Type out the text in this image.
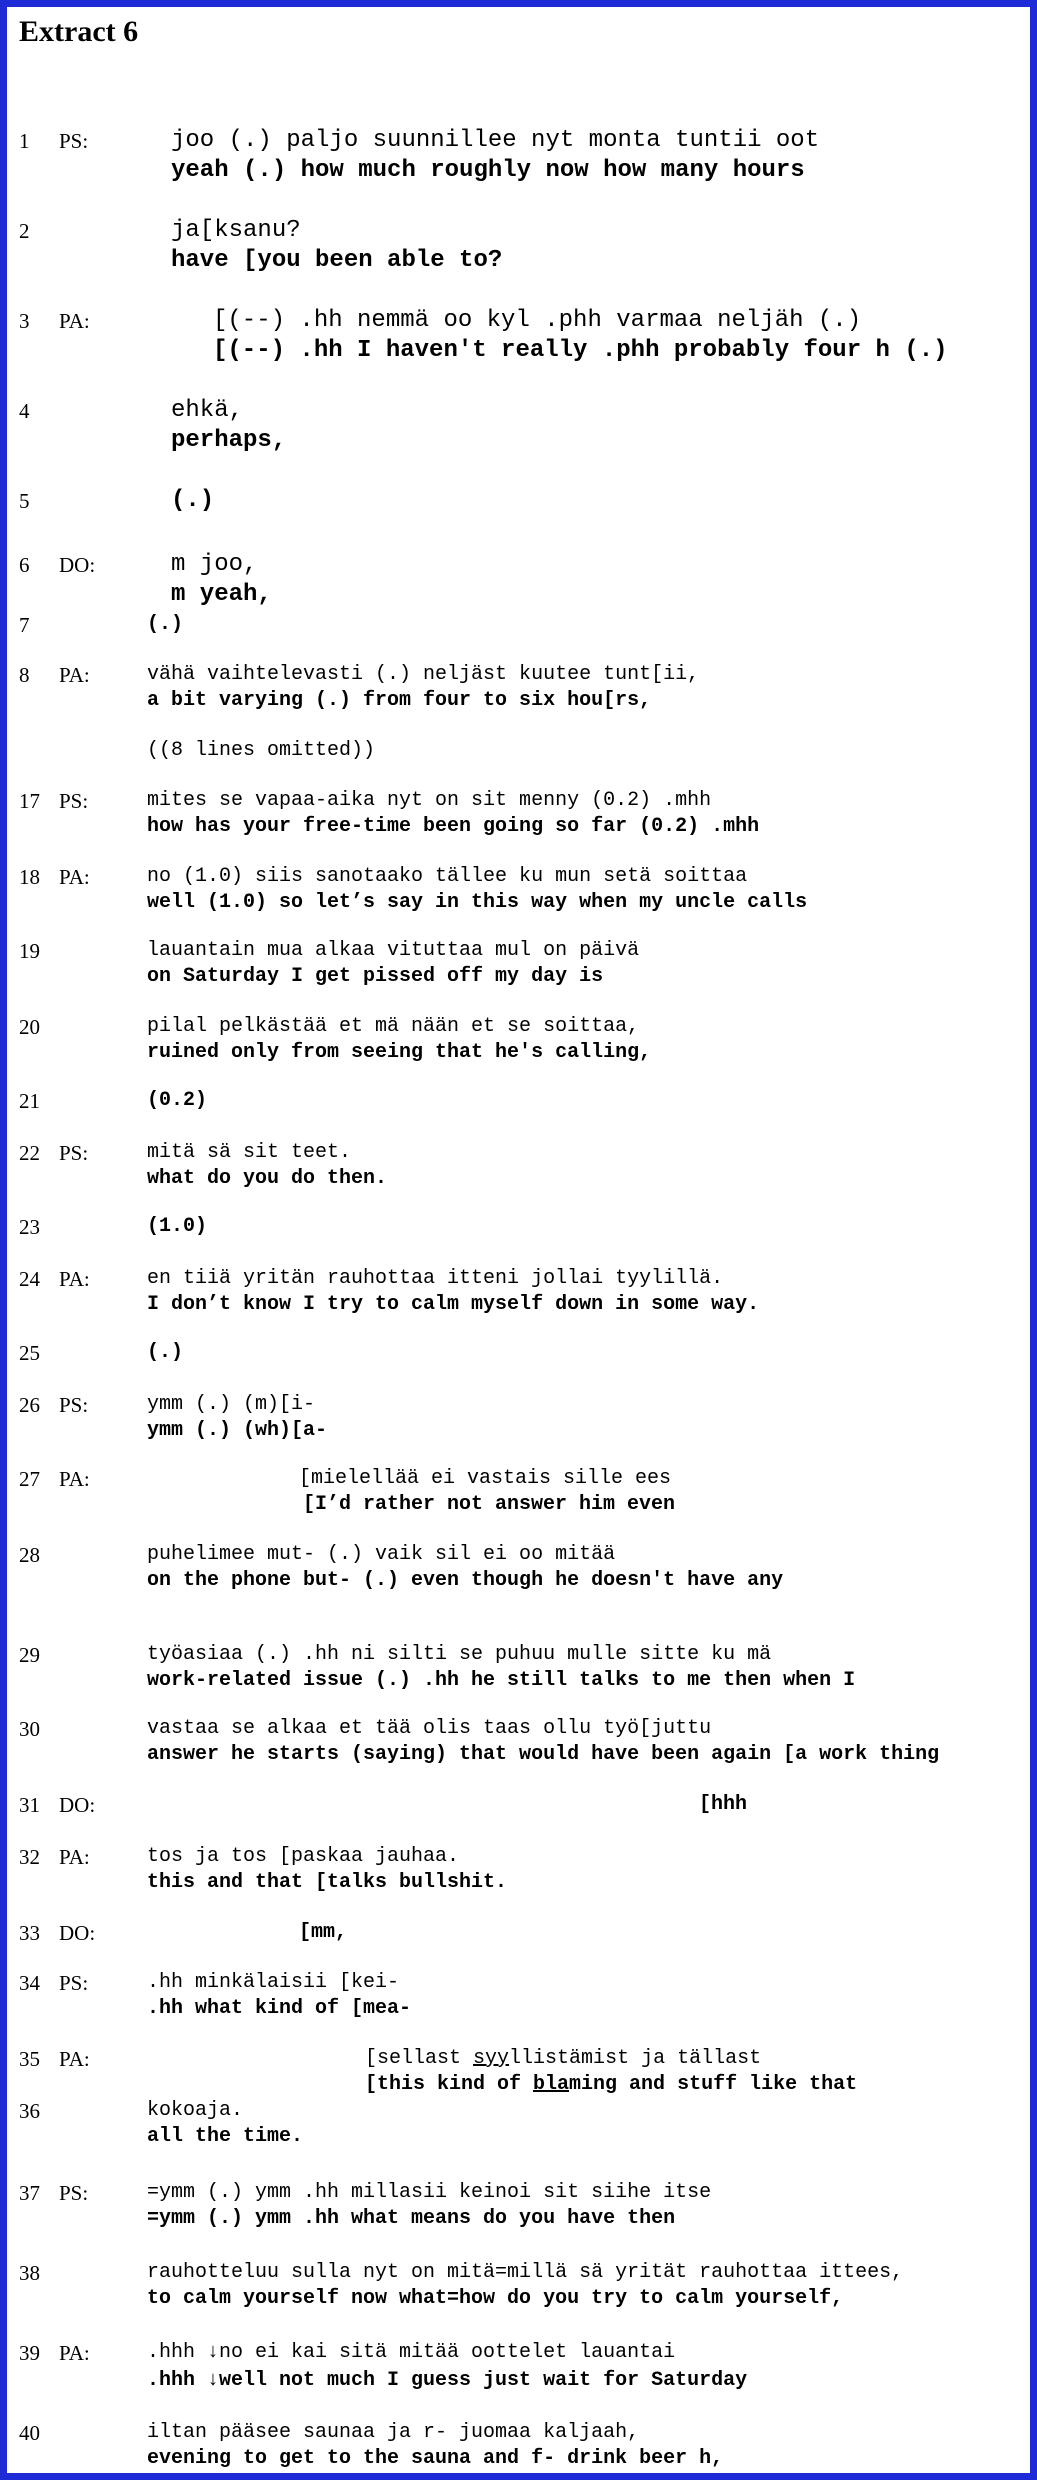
Extract 6
1 PS:	joo (.) paljo suunnillee nyt monta tuntii oot
yeah (.) how much roughly now how many hours
2	ja[ksanu?
have [you been able to?
3 PA:	[(--) .hh nemmä oo kyl .phh varmaa neljäh (.)
[(--) .hh I haven't really .phh probably four h (.)
4	ehkä,
perhaps,
5	(.)
6 DO:	m joo,
m yeah,
7	(.)
8 PA:	vähä vaihtelevasti (.) neljäst kuutee tunt[ii,
a bit varying (.) from four to six hou[rs,
((8 lines omitted))
17 PS:	mites se vapaa-aika nyt on sit menny (0.2) .mhh
how has your free-time been going so far (0.2) .mhh
18 PA:	no (1.0) siis sanotaako tällee ku mun setä soittaa
well (1.0) so let’s say in this way when my uncle calls
19	lauantain mua alkaa vituttaa mul on päivä
on Saturday I get pissed off my day is
20	pilal pelkästää et mä nään et se soittaa,
ruined only from seeing that he's calling,
21	(0.2)
22 PS:	mitä sä sit teet.
what do you do then.
23	(1.0)
24 PA:	en tiiä yritän rauhottaa itteni jollai tyylillä.
I don’t know I try to calm myself down in some way.
25	(.)
26 PS:	ymm (.) (m)[i-
ymm (.) (wh)[a-
27 PA:	[mielellää ei vastais sille ees
[I’d rather not answer him even
28	puhelimee mut- (.) vaik sil ei oo mitää
on the phone but- (.) even though he doesn't have any
29	työasiaa (.) .hh ni silti se puhuu mulle sitte ku mä
work-related issue (.) .hh he still talks to me then when I
30	vastaa se alkaa et tää olis taas ollu työ[juttu
answer he starts (saying) that would have been again [a work thing
31 DO:	[hhh
32 PA:	tos ja tos [paskaa jauhaa.
this and that [talks bullshit.
33 DO:	[mm,
34 PS:	.hh minkälaisii [kei-
.hh what kind of [mea-
35 PA:	[sellast syyllistämist ja tällast
[this kind of blaming and stuff like that
36	kokoaja.
all the time.
37 PS:	=ymm (.) ymm .hh millasii keinoi sit siihe itse
=ymm (.) ymm .hh what means do you have then
38	rauhotteluu sulla nyt on mitä=millä sä yrität rauhottaa ittees,
to calm yourself now what=how do you try to calm yourself,
39 PA:	.hhh ↓no ei kai sitä mitää oottelet lauantai
.hhh ↓well not much I guess just wait for Saturday
40	iltan pääsee saunaa ja r- juomaa kaljaah,
evening to get to the sauna and f- drink beer h,
